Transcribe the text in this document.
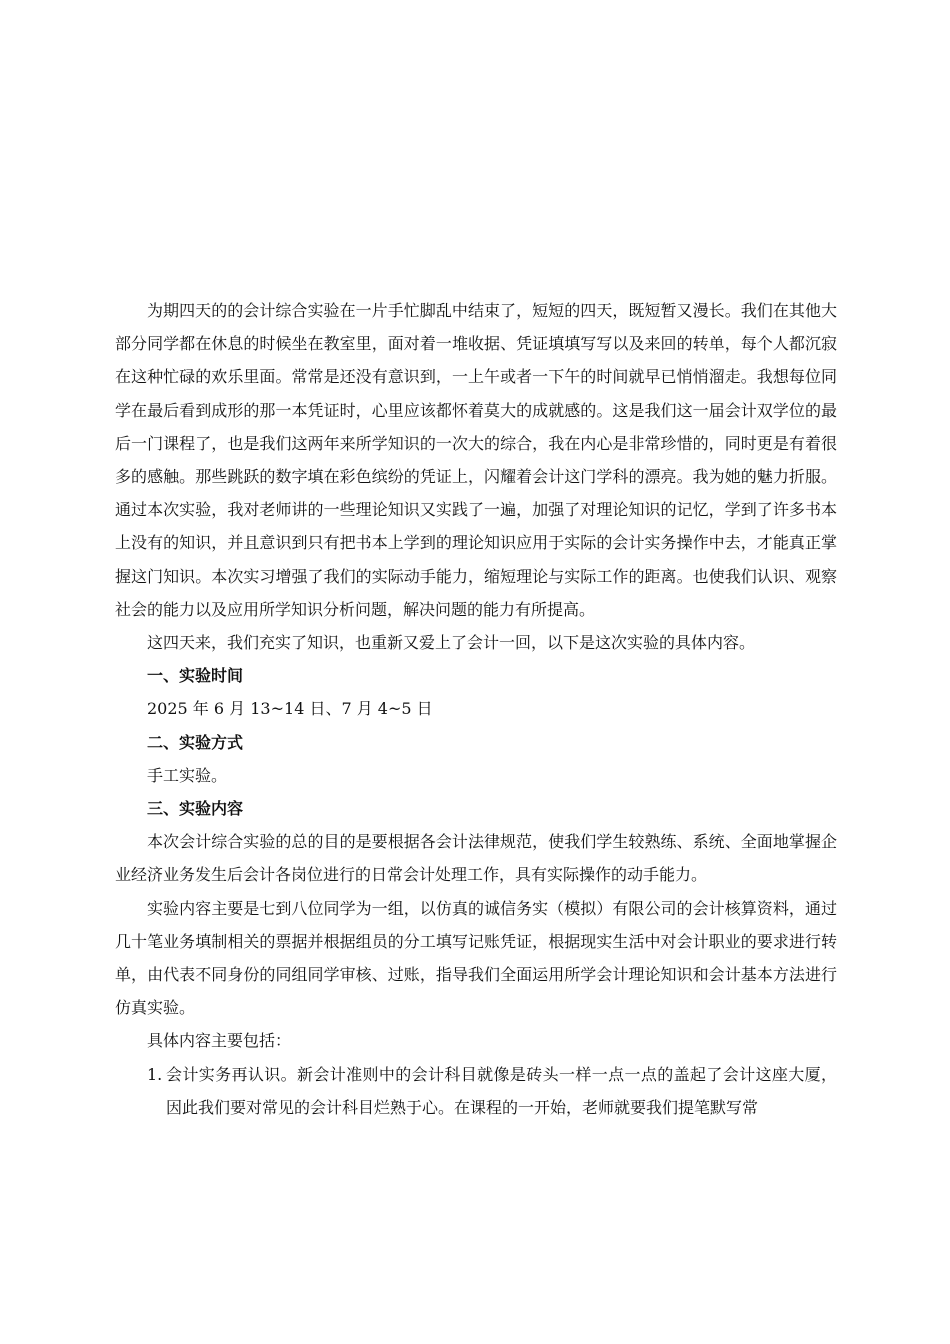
为期四天的的会计综合实验在一片手忙脚乱中结束了，短短的四天，既短暂又漫长。我们在其他大部分同学都在休息的时候坐在教室里，面对着一堆收据、凭证填填写写以及来回的转单，每个人都沉寂在这种忙碌的欢乐里面。常常是还没有意识到，一上午或者一下午的时间就早已悄悄溜走。我想每位同学在最后看到成形的那一本凭证时，心里应该都怀着莫大的成就感的。这是我们这一届会计双学位的最后一门课程了，也是我们这两年来所学知识的一次大的综合，我在内心是非常珍惜的，同时更是有着很多的感触。那些跳跃的数字填在彩色缤纷的凭证上，闪耀着会计这门学科的漂亮。我为她的魅力折服。通过本次实验，我对老师讲的一些理论知识又实践了一遍，加强了对理论知识的记忆，学到了许多书本上没有的知识，并且意识到只有把书本上学到的理论知识应用于实际的会计实务操作中去，才能真正掌握这门知识。本次实习增强了我们的实际动手能力，缩短理论与实际工作的距离。也使我们认识、观察社会的能力以及应用所学知识分析问题，解决问题的能力有所提高。

这四天来，我们充实了知识，也重新又爱上了会计一回，以下是这次实验的具体内容。

一、实验时间

2025 年 6 月 13~14 日、7 月 4~5 日

二、实验方式

手工实验。

三、实验内容

本次会计综合实验的总的目的是要根据各会计法律规范，使我们学生较熟练、系统、全面地掌握企业经济业务发生后会计各岗位进行的日常会计处理工作，具有实际操作的动手能力。

实验内容主要是七到八位同学为一组，以仿真的诚信务实（模拟）有限公司的会计核算资料，通过几十笔业务填制相关的票据并根据组员的分工填写记账凭证，根据现实生活中对会计职业的要求进行转单，由代表不同身份的同组同学审核、过账，指导我们全面运用所学会计理论知识和会计基本方法进行仿真实验。

具体内容主要包括：

1. 会计实务再认识。新会计准则中的会计科目就像是砖头一样一点一点的盖起了会计这座大厦，因此我们要对常见的会计科目烂熟于心。在课程的一开始，老师就要我们提笔默写常
